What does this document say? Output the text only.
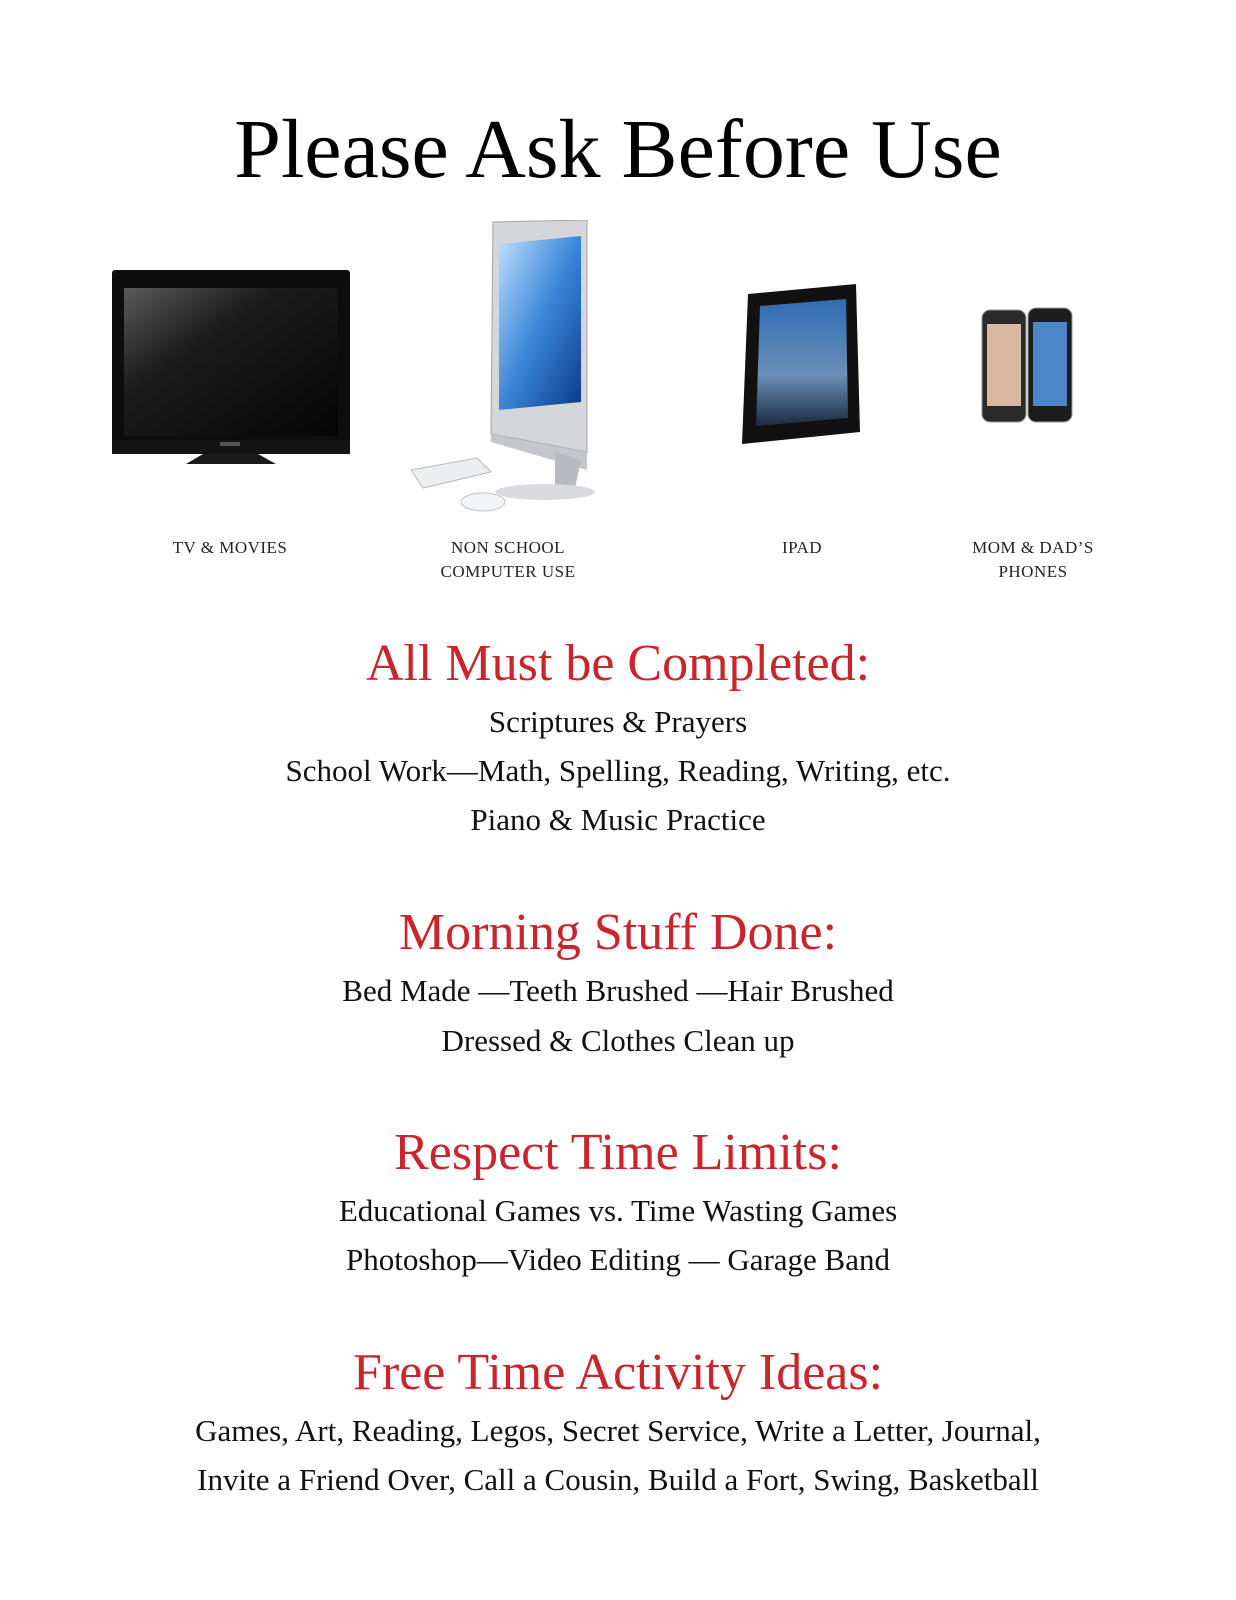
Please Ask Before Use
TV & MOVIES	NON SCHOOL
COMPUTER USE
IPAD	MOM & DAD’S
PHONES
All Must be Completed:
Scriptures & Prayers
School Work—Math, Spelling, Reading, Writing, etc.
Piano & Music Practice
Morning Stuff Done:
Bed Made —Teeth Brushed —Hair Brushed
Dressed & Clothes Clean up
Respect Time Limits:
Educational Games vs. Time Wasting Games
Photoshop—Video Editing — Garage Band
Free Time Activity Ideas:
Games, Art, Reading, Legos, Secret Service, Write a Letter, Journal,
Invite a Friend Over, Call a Cousin, Build a Fort, Swing, Basketball
